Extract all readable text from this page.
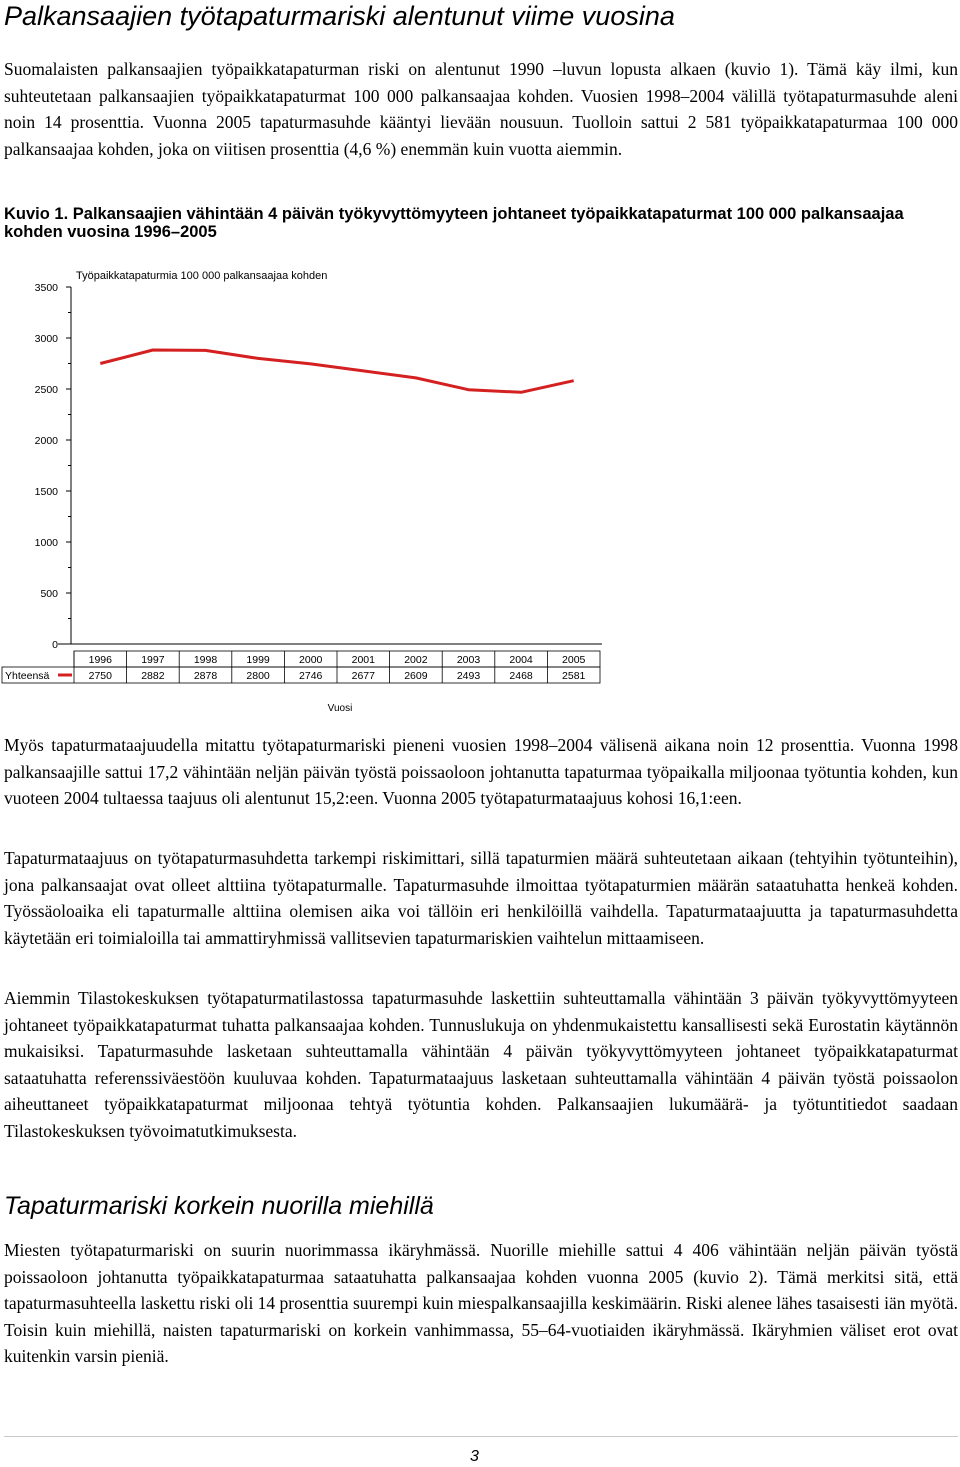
Palkansaajien työtapaturmariski alentunut viime vuosina

Suomalaisten palkansaajien työpaikkatapaturman riski on alentunut 1990 –luvun lopusta alkaen (kuvio 1). Tämä käy ilmi, kun suhteutetaan palkansaajien työpaikkatapaturmat 100 000 palkansaajaa kohden. Vuosien 1998–2004 välillä työtapaturmasuhde aleni noin 14 prosenttia. Vuonna 2005 tapaturmasuhde kääntyi lievään nousuun. Tuolloin sattui 2 581 työpaikkatapaturmaa 100 000 palkansaajaa kohden, joka on viitisen prosenttia (4,6 %) enemmän kuin vuotta aiemmin.

Kuvio 1. Palkansaajien vähintään 4 päivän työkyvyttömyyteen johtaneet työpaikkatapaturmat 100 000 palkansaajaa kohden vuosina 1996–2005
Työpaikkatapaturmia 100 000 palkansaajaa kohden
0
500
1000
1500
2000
2500
3000
3500
1996
2750
1997
2882
1998
2878
1999
2800
2000
2746
2001
2677
2002
2609
2003
2493
2004
2468
2005
2581
Yhteensä
Vuosi

Myös tapaturmataajuudella mitattu työtapaturmariski pieneni vuosien 1998–2004 välisenä aikana noin 12 prosenttia. Vuonna 1998 palkansaajille sattui 17,2 vähintään neljän päivän työstä poissaoloon johtanutta tapaturmaa työpaikalla miljoonaa työtuntia kohden, kun vuoteen 2004 tultaessa taajuus oli alentunut 15,2:een. Vuonna 2005 työtapaturmataajuus kohosi 16,1:een.

Tapaturmataajuus on työtapaturmasuhdetta tarkempi riskimittari, sillä tapaturmien määrä suhteutetaan aikaan (tehtyihin työtunteihin), jona palkansaajat ovat olleet alttiina työtapaturmalle. Tapaturmasuhde ilmoittaa työtapaturmien määrän sataatuhatta henkeä kohden. Työssäoloaika eli tapaturmalle alttiina olemisen aika voi tällöin eri henkilöillä vaihdella. Tapaturmataajuutta ja tapaturmasuhdetta käytetään eri toimialoilla tai ammattiryhmissä vallitsevien tapaturmariskien vaihtelun mittaamiseen.

Aiemmin Tilastokeskuksen työtapaturmatilastossa tapaturmasuhde laskettiin suhteuttamalla vähintään 3 päivän työkyvyttömyyteen johtaneet työpaikkatapaturmat tuhatta palkansaajaa kohden. Tunnuslukuja on yhdenmukaistettu kansallisesti sekä Eurostatin käytännön mukaisiksi. Tapaturmasuhde lasketaan suhteuttamalla vähintään 4 päivän työkyvyttömyyteen johtaneet työpaikkatapaturmat sataatuhatta referenssiväestöön kuuluvaa kohden. Tapaturmataajuus lasketaan suhteuttamalla vähintään 4 päivän työstä poissaolon aiheuttaneet työpaikkatapaturmat miljoonaa tehtyä työtuntia kohden. Palkansaajien lukumäärä- ja työtuntitiedot saadaan Tilastokeskuksen työvoimatutkimuksesta.

Tapaturmariski korkein nuorilla miehillä

Miesten työtapaturmariski on suurin nuorimmassa ikäryhmässä. Nuorille miehille sattui 4 406 vähintään neljän päivän työstä poissaoloon johtanutta työpaikkatapaturmaa sataatuhatta palkansaajaa kohden vuonna 2005 (kuvio 2). Tämä merkitsi sitä, että tapaturmasuhteella laskettu riski oli 14 prosenttia suurempi kuin miespalkansaajilla keskimäärin. Riski alenee lähes tasaisesti iän myötä. Toisin kuin miehillä, naisten tapaturmariski on korkein vanhimmassa, 55–64-vuotiaiden ikäryhmässä. Ikäryhmien väliset erot ovat kuitenkin varsin pieniä.

3
